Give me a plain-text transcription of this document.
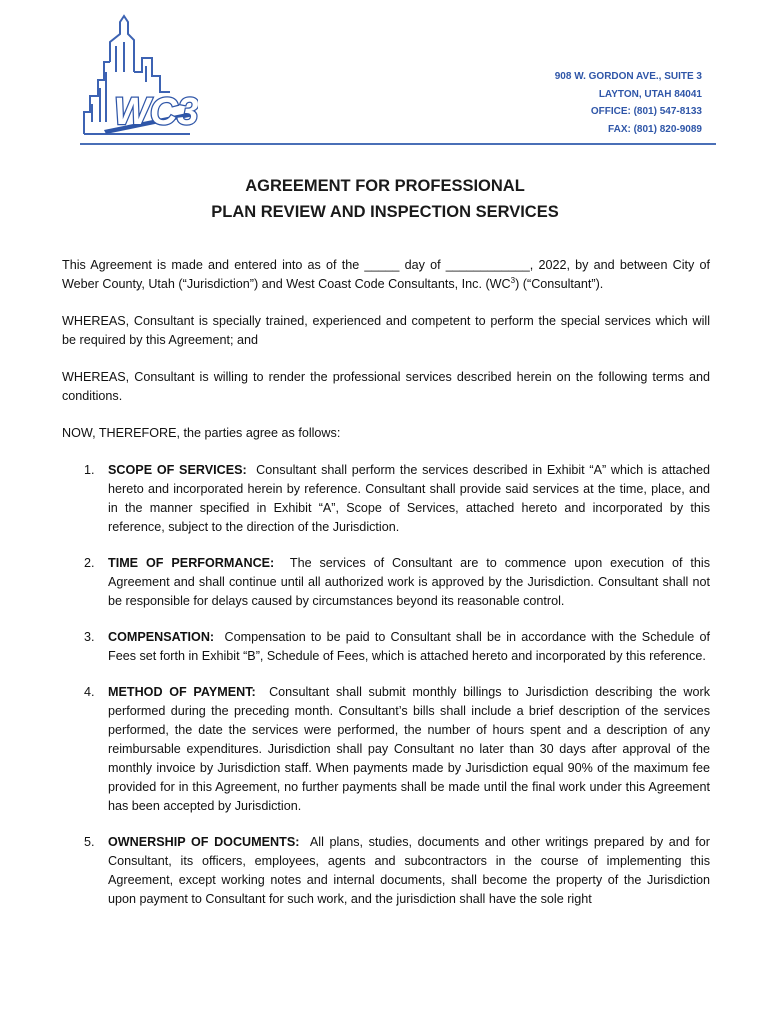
WC3
908 W. GORDON AVE., SUITE 3
LAYTON, UTAH 84041
OFFICE: (801) 547-8133
FAX: (801) 820-9089
AGREEMENT FOR PROFESSIONAL
PLAN REVIEW AND INSPECTION SERVICES

This Agreement is made and entered into as of the _____ day of ____________, 2022, by and between City of Weber County, Utah (“Jurisdiction”) and West Coast Code Consultants, Inc. $(WC^3)$ (“Consultant”).

WHEREAS, Consultant is specially trained, experienced and competent to perform the special services which will be required by this Agreement; and

WHEREAS, Consultant is willing to render the professional services described herein on the following terms and conditions.

NOW, THEREFORE, the parties agree as follows:

1. SCOPE OF SERVICES: Consultant shall perform the services described in Exhibit “A” which is attached hereto and incorporated herein by reference. Consultant shall provide said services at the time, place, and in the manner specified in Exhibit “A”, Scope of Services, attached hereto and incorporated by this reference, subject to the direction of the Jurisdiction.
2. TIME OF PERFORMANCE: The services of Consultant are to commence upon execution of this Agreement and shall continue until all authorized work is approved by the Jurisdiction. Consultant shall not be responsible for delays caused by circumstances beyond its reasonable control.
3. COMPENSATION: Compensation to be paid to Consultant shall be in accordance with the Schedule of Fees set forth in Exhibit “B”, Schedule of Fees, which is attached hereto and incorporated by this reference.
4. METHOD OF PAYMENT: Consultant shall submit monthly billings to Jurisdiction describing the work performed during the preceding month. Consultant’s bills shall include a brief description of the services performed, the date the services were performed, the number of hours spent and a description of any reimbursable expenditures. Jurisdiction shall pay Consultant no later than 30 days after approval of the monthly invoice by Jurisdiction staff. When payments made by Jurisdiction equal 90% of the maximum fee provided for in this Agreement, no further payments shall be made until the final work under this Agreement has been accepted by Jurisdiction.
5. OWNERSHIP OF DOCUMENTS: All plans, studies, documents and other writings prepared by and for Consultant, its officers, employees, agents and subcontractors in the course of implementing this Agreement, except working notes and internal documents, shall become the property of the Jurisdiction upon payment to Consultant for such work, and the jurisdiction shall have the sole right
